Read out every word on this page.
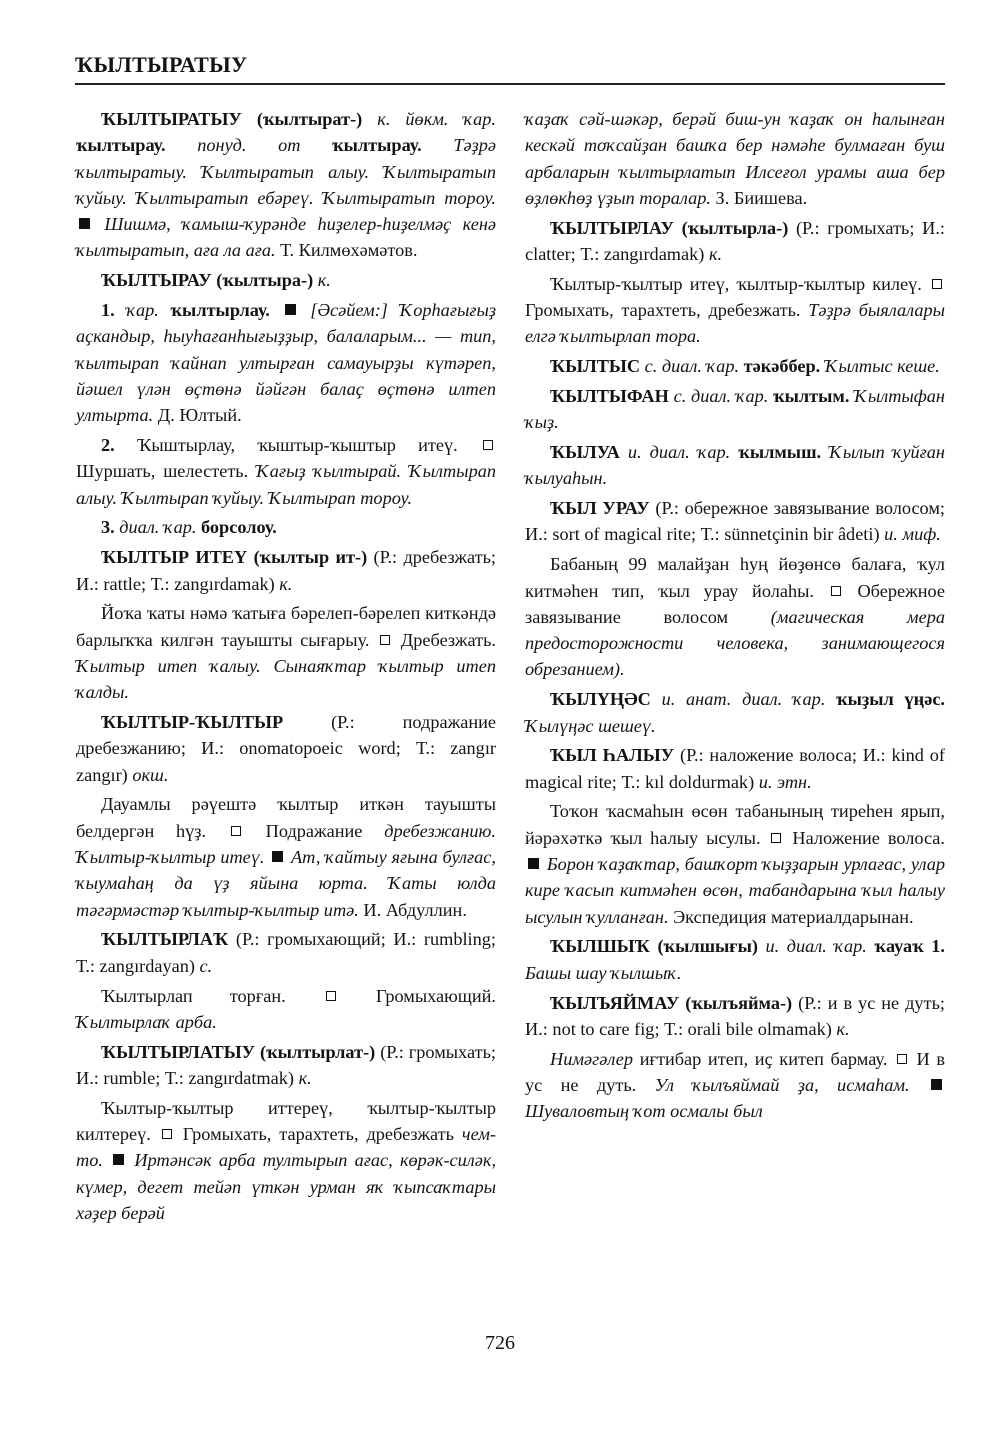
ҠЫЛТЫРАТЫУ

ҠЫЛТЫРАТЫУ (ҡылтырат-) к. йөкм. ҡар. ҡылтырау. понуд. от ҡылтырау. Тәҙрә ҡылтыратыу. Ҡылтыратып алыу. Ҡылтыратып ҡуйыу. Ҡылтыратып ебәреү. Ҡылтыратып тороу.  Шишмә, ҡамыш-ҡурәнде һиҙелер-һиҙелмәҫ кенә ҡылтыратып, аға ла аға. Т. Килмөхәмәтов.

ҠЫЛТЫРАУ (ҡылтыра-) к.

1. ҡар. ҡылтырлау.  [Әсәйем:] Ҡорһағығыҙ аҫкандыр, һыуһағанһығыҙҙыр, балаларым... — тип, ҡылтырап ҡайнап ултырған самауырҙы күтәреп, йәшел үлән өҫтөнә йәйгән балаҫ өҫтөнә илтеп ултырта. Д. Юлтый.

2. Ҡыштырлау, ҡыштыр-ҡыштыр итеү.  Шуршать, шелестеть. Ҡағыҙ ҡылтырай. Ҡылтырап алыу. Ҡылтырап ҡуйыу. Ҡылтырап тороу.

3. диал. ҡар. борсолоу.

ҠЫЛТЫР ИТЕҮ (ҡылтыр ит-) (Р.: дребезжать; И.: rattle; Т.: zangırdamak) к.

Йоҡа ҡаты нәмә ҡатыға бәрелеп-бәрелеп киткәндә барлыҡҡа килгән тауышты сығарыу.  Дребезжать. Ҡылтыр итеп ҡалыу. Сынаяҡтар ҡылтыр итеп ҡалды.

ҠЫЛТЫР-ҠЫЛТЫР (Р.: подражание дребезжанию; И.: onomatopoeic word; Т.: zangır zangır) окш.

Дауамлы рәүештә ҡылтыр иткән тауышты белдергән һүҙ.  Подражание дребезжанию. Ҡылтыр-ҡылтыр итеү.  Ат, ҡайтыу яғына булғас, ҡыумаһаң да үҙ яйына юрта. Ҡаты юлда тәгәрмәстәр ҡылтыр-ҡылтыр итә. И. Абдуллин.

ҠЫЛТЫРЛАҠ (Р.: громыхающий; И.: rumbling; Т.: zangırdayan) с.

Ҡылтырлап торған.  Громыхающий. Ҡылтырлаҡ арба.

ҠЫЛТЫРЛАТЫУ (ҡылтырлат-) (Р.: громыхать; И.: rumble; Т.: zangırdatmak) к.

Ҡылтыр-ҡылтыр иттереү, ҡылтыр-ҡылтыр килтереү.  Громыхать, тарахтеть, дребезжать чем-то.  Иртәнсәк арба тултырып ағас, көрәк-силәк, күмер, дегет тейәп үткән урман яҡ ҡыпсаҡтары хәҙер берәй

ҡаҙаҡ сәй-шәкәр, берәй биш-ун ҡаҙаҡ он һалынған кескәй тоҡсайҙан башҡа бер нәмәһе булмаған буш арбаларын ҡылтырлатып Илсеғол урамы аша бер өҙлөкһөҙ үҙып торалар. З. Биишева.

ҠЫЛТЫРЛАУ (ҡылтырла-) (Р.: громыхать; И.: clatter; Т.: zangırdamak) к.

Ҡылтыр-ҡылтыр итеү, ҡылтыр-ҡылтыр килеү.  Громыхать, тарахтеть, дребезжать. Тәҙрә быялалары елгә ҡылтырлап тора.

ҠЫЛТЫС с. диал. ҡар. тәкәббер. Ҡылтыс кеше.

ҠЫЛТЫФАН с. диал. ҡар. ҡылтым. Ҡылтыфан ҡыҙ.

ҠЫЛУА и. диал. ҡар. ҡылмыш. Ҡылып ҡуйған ҡылуаһын.

ҠЫЛ УРАУ (Р.: обережное завязывание волосом; И.: sort of magical rite; Т.: sünnetçinin bir âdeti) и. миф.

Бабаның 99 малайҙан һуң йөҙөнсө балаға, ҡул китмәһен тип, ҡыл урау йолаһы.  Обережное завязывание волосом (магическая мера предосторожности человека, занимающегося обрезанием).

ҠЫЛҮҢӘС и. анат. диал. ҡар. ҡыҙыл үңәс. Ҡылүңәс шешеү.

ҠЫЛ ҺАЛЫУ (Р.: наложение волоса; И.: kind of magical rite; Т.: kıl doldurmak) и. этн.

Тоҡон ҡасмаһын өсөн табанының тиреһен ярып, йәрәхәткә ҡыл һалыу ысулы.  Наложение волоса.  Борон ҡаҙаҡтар, башҡорт ҡыҙҙарын урлағас, улар кире ҡасып китмәһен өсөн, табандарына ҡыл һалыу ысулын ҡулланған. Экспедиция материалдарынан.

ҠЫЛШЫҠ (ҡылшығы) и. диал. ҡар. ҡауаҡ 1. Башы шау ҡылшыҡ.

ҠЫЛЪЯЙМАУ (ҡылъяйма-) (Р.: и в ус не дуть; И.: not to care fig; Т.: orali bile olmamak) к.

Нимәгәлер иғтибар итеп, иҫ китеп бармау.  И в ус не дуть. Ул ҡылъяймай ҙа, исмаһам.  Шуваловтың ҡот осмалы был

726
